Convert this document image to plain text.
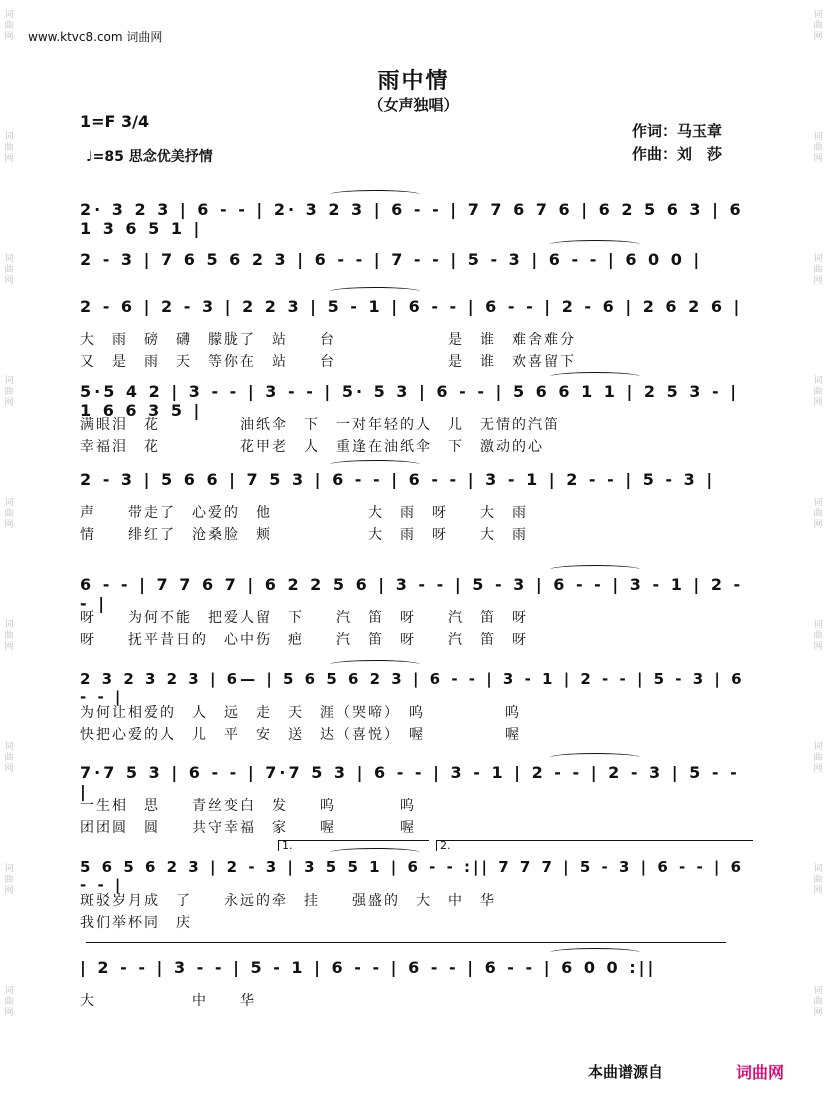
www.ktvc8.com 词曲网
雨中情
（女声独唱）
1=F 3/4
♩=85 思念优美抒情
作词：马玉章
作曲：刘　莎
词
曲
网
词
曲
网
词
曲
网
词
曲
网
词
曲
网
词
曲
网
词
曲
网
词
曲
网
词
曲
网
词
曲
网
词
曲
网
词
曲
网
词
曲
网
词
曲
网
词
曲
网
词
曲
网
词
曲
网
词
曲
网
2· 3 2 3 | 6 - - | 2· 3 2 3 | 6 - - | 7 7 6 7 6 | 6 2 5 6 3 | 6 1 3 6 5 1 |
2 - 3 | 7 6 5 6 2 3 | 6 - - | 7 - - | 5 - 3 | 6 - - | 6 0 0 |
2 - 6 | 2 - 3 | 2 2 3 | 5 - 1 | 6 - - | 6 - - | 2 - 6 | 2 6 2 6 |
大　雨　磅　礴　朦胧了　站　　台　　　　　　　是　谁　难舍难分
又　是　雨　天　等你在　站　　台　　　　　　　是　谁　欢喜留下
5·5 4 2 | 3 - - | 3 - - | 5· 5 3 | 6 - - | 5 6 6 1 1 | 2 5 3 - | 1 6 6 3 5 |
满眼泪　花　　　　　油纸伞　下　一对年轻的人　儿　无情的汽笛
幸福泪　花　　　　　花甲老　人　重逢在油纸伞　下　激动的心
2 - 3 | 5 6 6 | 7 5 3 | 6 - - | 6 - - | 3 - 1 | 2 - - | 5 - 3 |
声　　带走了　心爱的　他　　　　　　大　雨　呀　　大　雨
情　　绯红了　沧桑脸　颊　　　　　　大　雨　呀　　大　雨
6 - - | 7 7 6 7 | 6 2 2 5 6 | 3 - - | 5 - 3 | 6 - - | 3 - 1 | 2 - - |
呀　　为何不能　把爱人留　下　　汽　笛　呀　　汽　笛　呀
呀　　抚平昔日的　心中伤　疤　　汽　笛　呀　　汽　笛　呀
2 3 2 3 2 3 | 6— | 5 6 5 6 2 3 | 6 - - | 3 - 1 | 2 - - | 5 - 3 | 6 - - |
为何让相爱的　人　远　走　天　涯（哭啼）　呜　　　　　呜
快把心爱的人　儿　平　安　送　达（喜悦）　喔　　　　　喔
7·7 5 3 | 6 - - | 7·7 5 3 | 6 - - | 3 - 1 | 2 - - | 2 - 3 | 5 - - |
一生相　思　　青丝变白　发　　呜　　　　呜
团团圆　圆　　共守幸福　家　　喔　　　　喔
5 6 5 6 2 3 | 2 - 3 | 3 5 5 1 | 6 - - :|| 7 7 7 | 5 - 3 | 6 - - | 6 - - |
斑驳岁月成　了　　永远的牵　挂　　强盛的　大　中　华
我们举杯同　庆
| 2 - - | 3 - - | 5 - 1 | 6 - - | 6 - - | 6 - - | 6 0 0 :||
大　　　　　　中　　华
1.	2.
本曲谱源自	词曲网
